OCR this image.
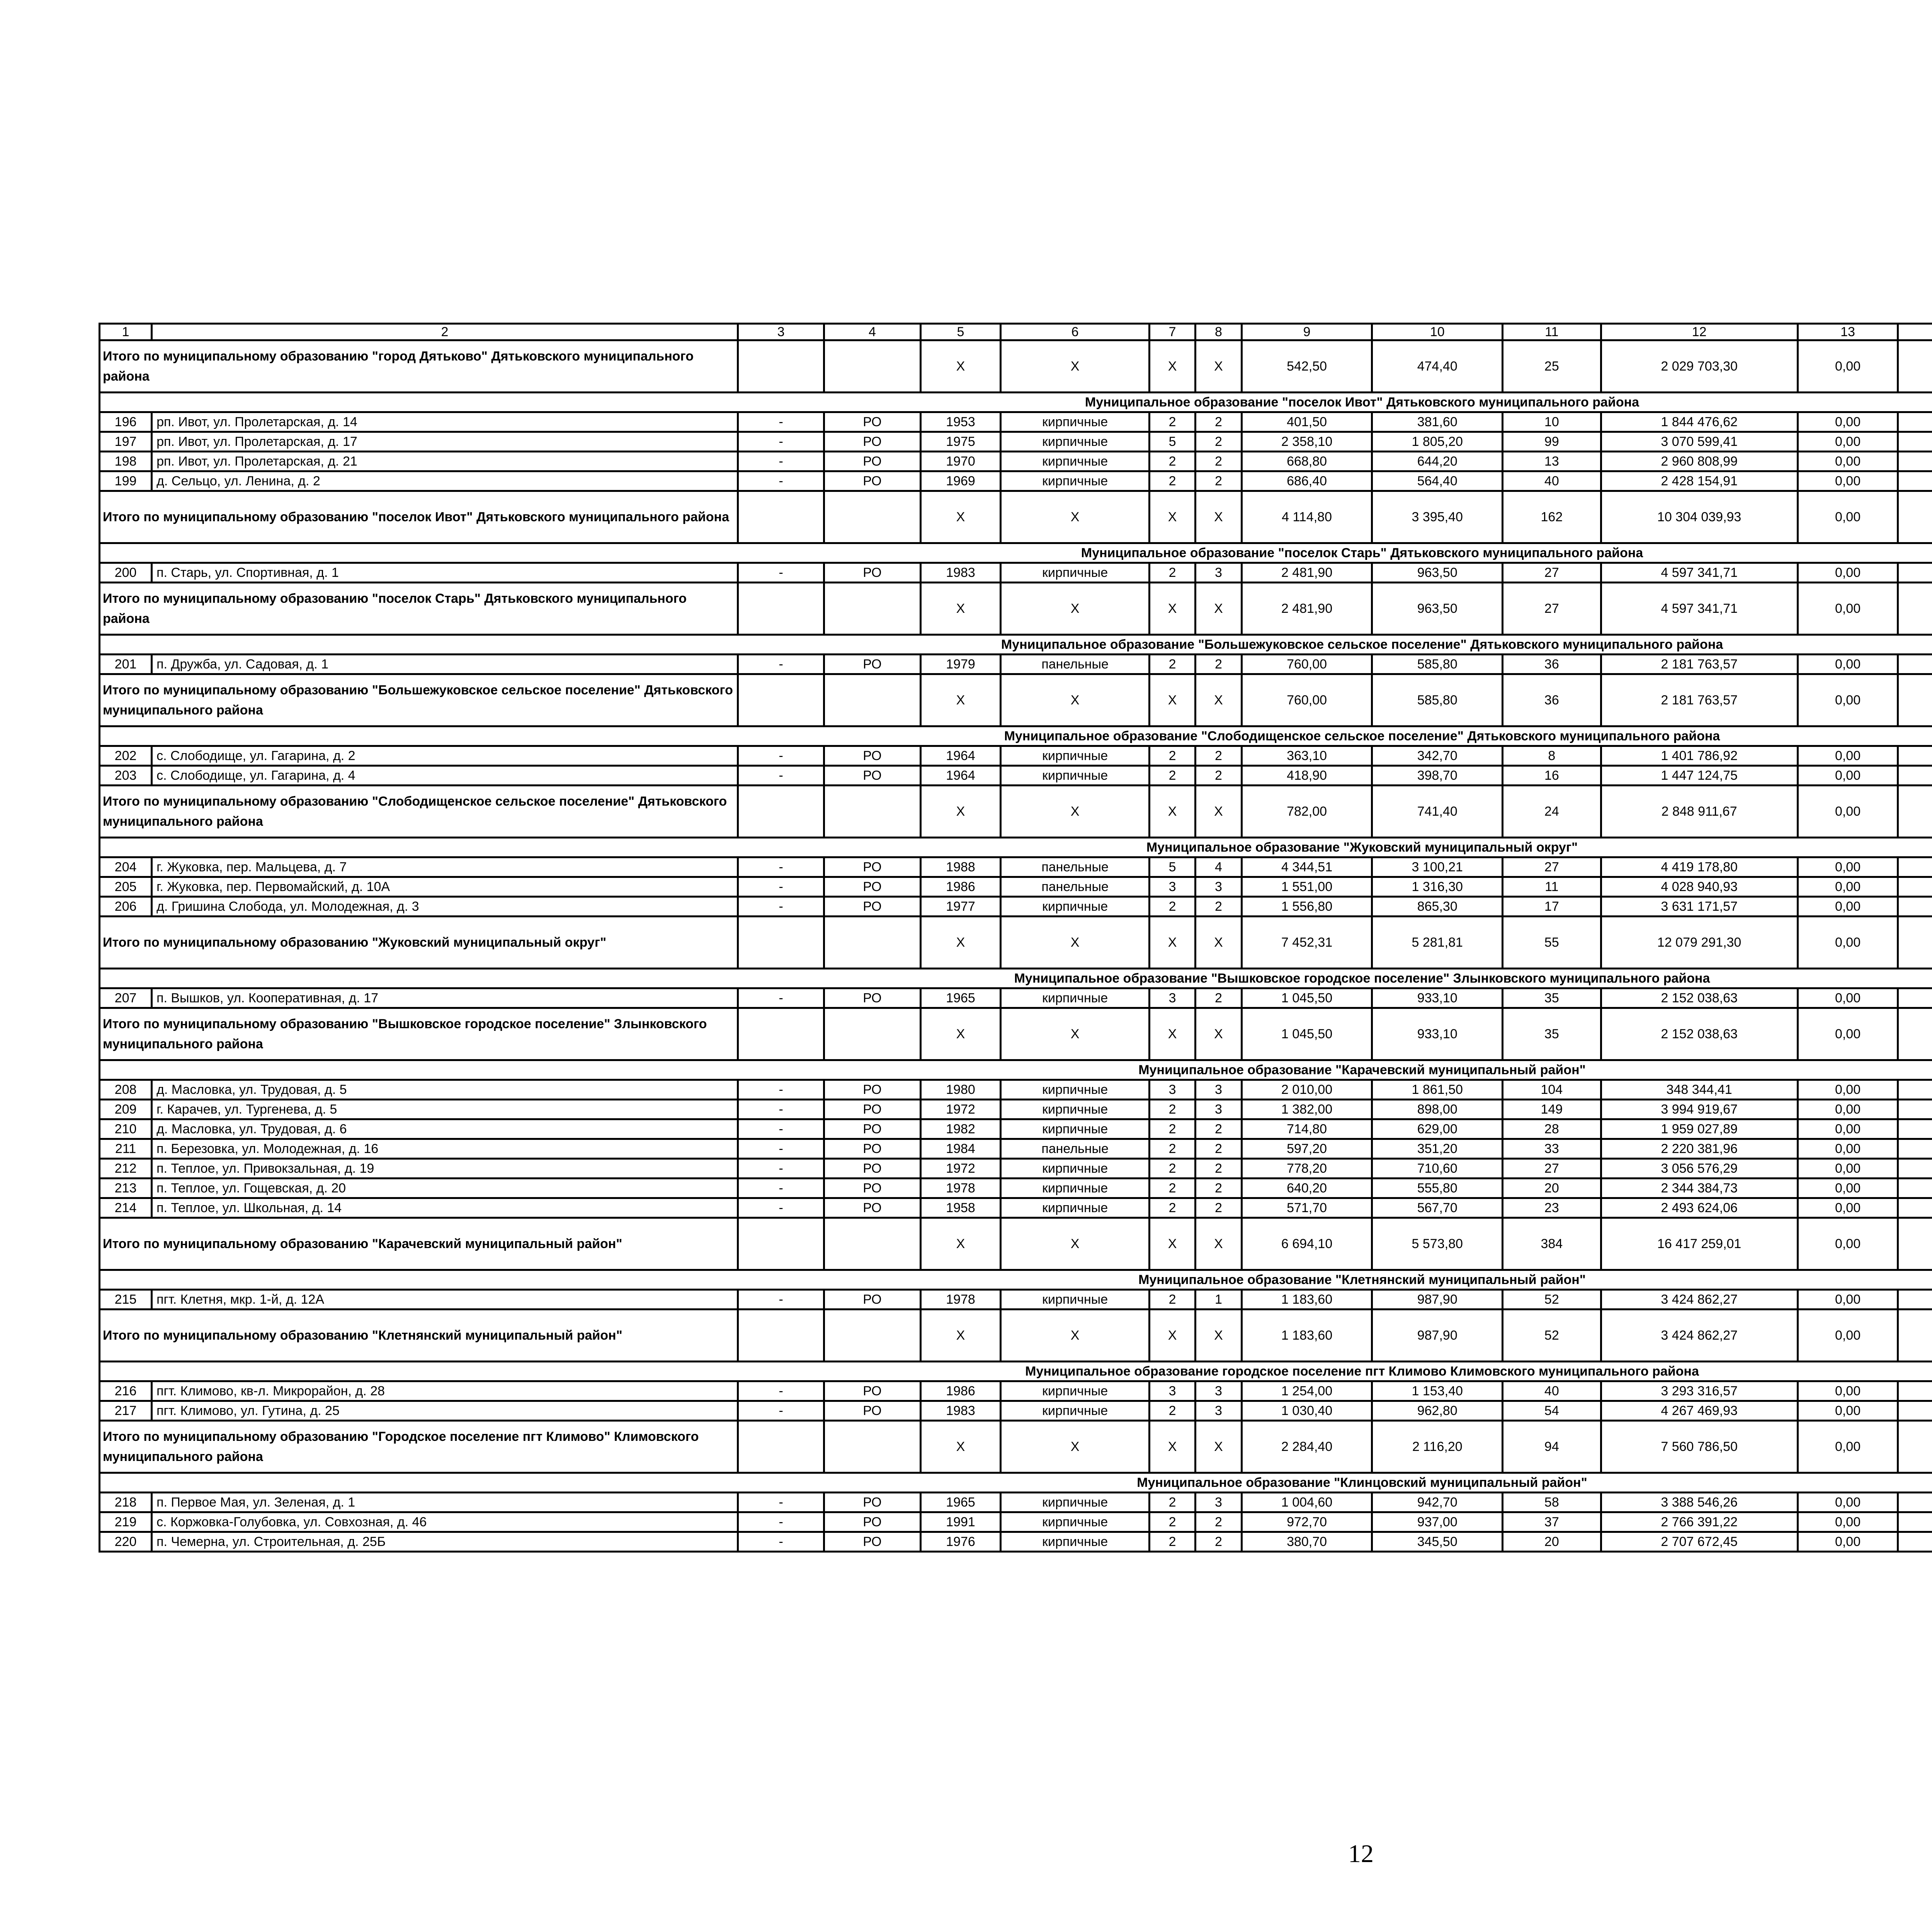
1	2	3	4	5	6	7	8	9	10	11	12	13						
Итого по муниципальному образованию "город Дятьково" Дятьковского муниципального района				X	X	X	X	542,50	474,40	25	2 029 703,30	0,00						
Муниципальное образование "поселок Ивот" Дятьковского муниципального района																		
196	рп. Ивот, ул. Пролетарская, д. 14	-	РО	1953	кирпичные	2	2	401,50	381,60	10	1 844 476,62	0,00						
197	рп. Ивот, ул. Пролетарская, д. 17	-	РО	1975	кирпичные	5	2	2 358,10	1 805,20	99	3 070 599,41	0,00						
198	рп. Ивот, ул. Пролетарская, д. 21	-	РО	1970	кирпичные	2	2	668,80	644,20	13	2 960 808,99	0,00						
199	д. Сельцо, ул. Ленина, д. 2	-	РО	1969	кирпичные	2	2	686,40	564,40	40	2 428 154,91	0,00						
Итого по муниципальному образованию "поселок Ивот" Дятьковского муниципального района				X	X	X	X	4 114,80	3 395,40	162	10 304 039,93	0,00						
Муниципальное образование "поселок Старь" Дятьковского муниципального района																		
200	п. Старь, ул. Спортивная, д. 1	-	РО	1983	кирпичные	2	3	2 481,90	963,50	27	4 597 341,71	0,00						
Итого по муниципальному образованию "поселок Старь" Дятьковского муниципального района				X	X	X	X	2 481,90	963,50	27	4 597 341,71	0,00						
Муниципальное образование "Большежуковское сельское поселение" Дятьковского муниципального района																		
201	п. Дружба, ул. Садовая, д. 1	-	РО	1979	панельные	2	2	760,00	585,80	36	2 181 763,57	0,00						
Итого по муниципальному образованию "Большежуковское сельское поселение" Дятьковского муниципального района				X	X	X	X	760,00	585,80	36	2 181 763,57	0,00						
Муниципальное образование "Слободищенское сельское поселение" Дятьковского муниципального района																		
202	с. Слободище, ул. Гагарина, д. 2	-	РО	1964	кирпичные	2	2	363,10	342,70	8	1 401 786,92	0,00						
203	с. Слободище, ул. Гагарина, д. 4	-	РО	1964	кирпичные	2	2	418,90	398,70	16	1 447 124,75	0,00						
Итого по муниципальному образованию "Слободищенское сельское поселение" Дятьковского муниципального района				X	X	X	X	782,00	741,40	24	2 848 911,67	0,00						
Муниципальное образование "Жуковский муниципальный округ"																		
204	г. Жуковка, пер. Мальцева, д. 7	-	РО	1988	панельные	5	4	4 344,51	3 100,21	27	4 419 178,80	0,00						
205	г. Жуковка, пер. Первомайский, д. 10А	-	РО	1986	панельные	3	3	1 551,00	1 316,30	11	4 028 940,93	0,00						
206	д. Гришина Слобода, ул. Молодежная, д. 3	-	РО	1977	кирпичные	2	2	1 556,80	865,30	17	3 631 171,57	0,00						
Итого по муниципальному образованию "Жуковский муниципальный округ"				X	X	X	X	7 452,31	5 281,81	55	12 079 291,30	0,00						
Муниципальное образование "Вышковское городское поселение" Злынковского муниципального района																		
207	п. Вышков, ул. Кооперативная, д. 17	-	РО	1965	кирпичные	3	2	1 045,50	933,10	35	2 152 038,63	0,00						
Итого по муниципальному образованию "Вышковское городское поселение" Злынковского муниципального района				X	X	X	X	1 045,50	933,10	35	2 152 038,63	0,00						
Муниципальное образование "Карачевский муниципальный район"																		
208	д. Масловка, ул. Трудовая, д. 5	-	РО	1980	кирпичные	3	3	2 010,00	1 861,50	104	348 344,41	0,00						
209	г. Карачев, ул. Тургенева, д. 5	-	РО	1972	кирпичные	2	3	1 382,00	898,00	149	3 994 919,67	0,00						
210	д. Масловка, ул. Трудовая, д. 6	-	РО	1982	кирпичные	2	2	714,80	629,00	28	1 959 027,89	0,00						
211	п. Березовка, ул. Молодежная, д. 16	-	РО	1984	панельные	2	2	597,20	351,20	33	2 220 381,96	0,00						
212	п. Теплое, ул. Привокзальная, д. 19	-	РО	1972	кирпичные	2	2	778,20	710,60	27	3 056 576,29	0,00						
213	п. Теплое, ул. Гощевская, д. 20	-	РО	1978	кирпичные	2	2	640,20	555,80	20	2 344 384,73	0,00						
214	п. Теплое, ул. Школьная, д. 14	-	РО	1958	кирпичные	2	2	571,70	567,70	23	2 493 624,06	0,00						
Итого по муниципальному образованию "Карачевский муниципальный район"				X	X	X	X	6 694,10	5 573,80	384	16 417 259,01	0,00						
Муниципальное образование "Клетнянский муниципальный район"																		
215	пгт. Клетня, мкр. 1-й, д. 12А	-	РО	1978	кирпичные	2	1	1 183,60	987,90	52	3 424 862,27	0,00						
Итого по муниципальному образованию "Клетнянский муниципальный район"				X	X	X	X	1 183,60	987,90	52	3 424 862,27	0,00						
Муниципальное образование городское поселение пгт Климово Климовского муниципального района																		
216	пгт. Климово, кв-л. Микрорайон, д. 28	-	РО	1986	кирпичные	3	3	1 254,00	1 153,40	40	3 293 316,57	0,00						
217	пгт. Климово, ул. Гутина, д. 25	-	РО	1983	кирпичные	2	3	1 030,40	962,80	54	4 267 469,93	0,00						
Итого по муниципальному образованию "Городское поселение пгт Климово" Климовского муниципального района				X	X	X	X	2 284,40	2 116,20	94	7 560 786,50	0,00						
Муниципальное образование "Клинцовский муниципальный район"																		
218	п. Первое Мая, ул. Зеленая, д. 1	-	РО	1965	кирпичные	2	3	1 004,60	942,70	58	3 388 546,26	0,00						
219	с. Коржовка-Голубовка, ул. Совхозная, д. 46	-	РО	1991	кирпичные	2	2	972,70	937,00	37	2 766 391,22	0,00						
220	п. Чемерна, ул. Строительная, д. 25Б	-	РО	1976	кирпичные	2	2	380,70	345,50	20	2 707 672,45	0,00						
12
